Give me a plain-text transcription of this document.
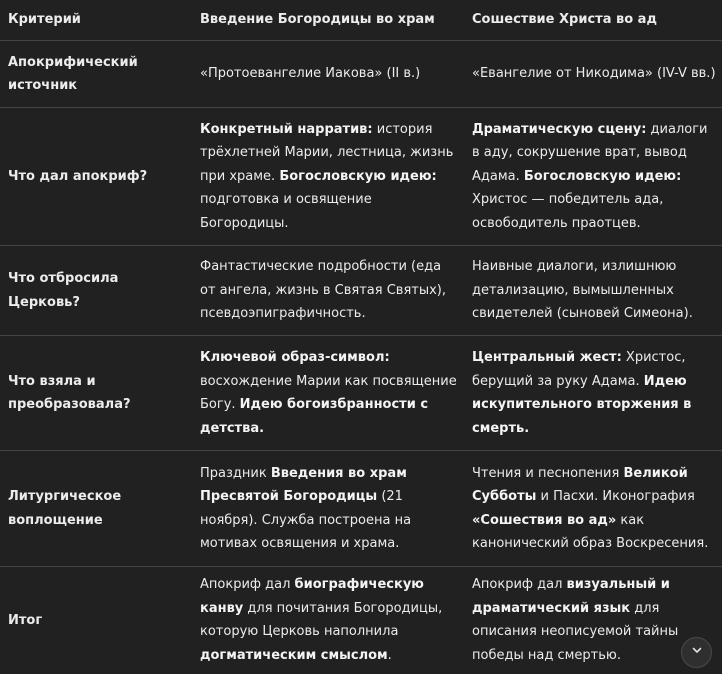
Критерий	Введение Богородицы во храм	Сошествие Христа во ад
Апокрифический источник	«Протоевангелие Иакова» (II в.)	«Евангелие от Никодима» (IV-V вв.)
Что дал апокриф?	Конкретный нарратив: история трёхлетней Марии, лестница, жизнь при храме. Богословскую идею: подготовка и освящение Богородицы.	Драматическую сцену: диалоги в аду, сокрушение врат, вывод Адама. Богословскую идею: Христос — победитель ада, освободитель праотцев.
Что отбросила Церковь?	Фантастические подробности (еда от ангела, жизнь в Святая Святых), псевдоэпиграфичность.	Наивные диалоги, излишнюю детализацию, вымышленных свидетелей (сыновей Симеона).
Что взяла и преобразовала?	Ключевой образ-символ: восхождение Марии как посвящение Богу. Идею богоизбранности с детства.	Центральный жест: Христос, берущий за руку Адама. Идею искупительного вторжения в смерть.
Литургическое воплощение	Праздник Введения во храм Пресвятой Богородицы (21 ноября). Служба построена на мотивах освящения и храма.	Чтения и песнопения Великой Субботы и Пасхи. Иконография «Сошествия во ад» как канонический образ Воскресения.
Итог	Апокриф дал биографическую канву для почитания Богородицы, которую Церковь наполнила догматическим смыслом.	Апокриф дал визуальный и драматический язык для описания неописуемой тайны победы над смертью.
